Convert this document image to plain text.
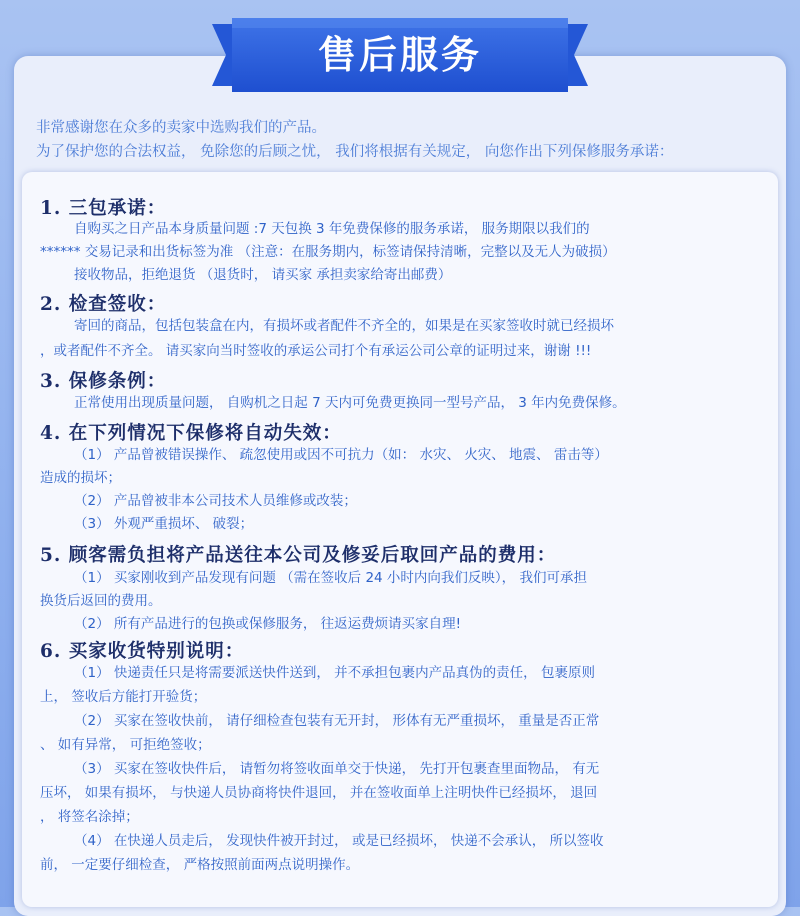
售后服务
非常感谢您在众多的卖家中选购我们的产品。
为了保护您的合法权益， 免除您的后顾之忧， 我们将根据有关规定， 向您作出下列保修服务承诺：
1. 三包承诺：
自购买之日产品本身质量问题 :7 天包换 3 年免费保修的服务承诺， 服务期限以我们的
****** 交易记录和出货标签为准 （注意：在服务期内，标签请保持清晰，完整以及无人为破损）
接收物品，拒绝退货 （退货时， 请买家 承担卖家给寄出邮费）
2. 检查签收：
寄回的商品，包括包装盒在内，有损坏或者配件不齐全的，如果是在买家签收时就已经损坏
，或者配件不齐全。 请买家向当时签收的承运公司打个有承运公司公章的证明过来，谢谢 !!!
3. 保修条例：
正常使用出现质量问题， 自购机之日起 7 天内可免费更换同一型号产品， 3 年内免费保修。
4. 在下列情况下保修将自动失效：
（1） 产品曾被错误操作、 疏忽使用或因不可抗力（如： 水灾、 火灾、 地震、 雷击等）
造成的损坏；
（2） 产品曾被非本公司技术人员维修或改装；
（3） 外观严重损坏、 破裂；
5. 顾客需负担将产品送往本公司及修妥后取回产品的费用：
（1） 买家刚收到产品发现有问题 （需在签收后 24 小时内向我们反映）， 我们可承担
换货后返回的费用。
（2） 所有产品进行的包换或保修服务， 往返运费烦请买家自理!
6. 买家收货特别说明：
（1） 快递责任只是将需要派送快件送到， 并不承担包裹内产品真伪的责任， 包裹原则
上， 签收后方能打开验货；
（2） 买家在签收快前， 请仔细检查包装有无开封， 形体有无严重损坏， 重量是否正常
、 如有异常， 可拒绝签收；
（3） 买家在签收快件后， 请暂勿将签收面单交于快递， 先打开包裹查里面物品， 有无
压坏， 如果有损坏， 与快递人员协商将快件退回， 并在签收面单上注明快件已经损坏， 退回
， 将签名涂掉；
（4） 在快递人员走后， 发现快件被开封过， 或是已经损坏， 快递不会承认， 所以签收
前， 一定要仔细检查， 严格按照前面两点说明操作。
